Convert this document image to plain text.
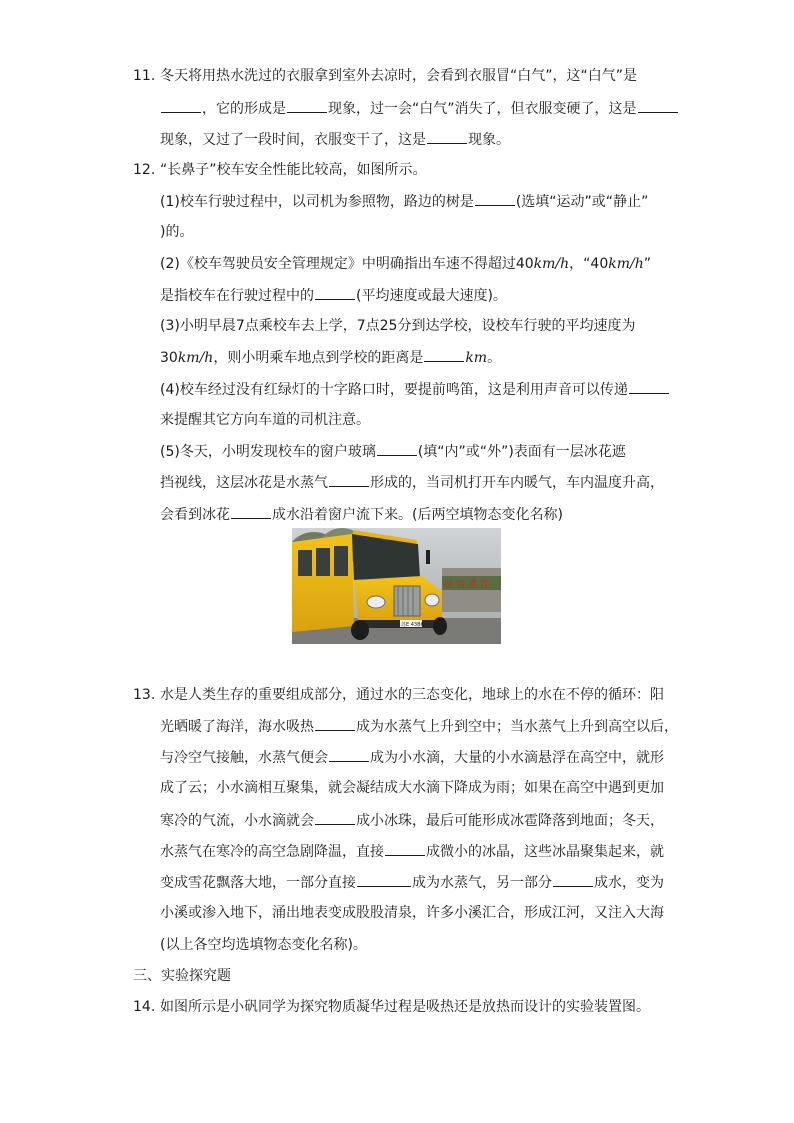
11. 冬天将用热水洗过的衣服拿到室外去凉时，会看到衣服冒“白气”，这“白气”是
，它的形成是	现象，过一会“白气”消失了，但衣服变硬了，这是
现象，又过了一段时间，衣服变干了，这是	现象。
12. “长鼻子”校车安全性能比较高，如图所示。
(1)校车行驶过程中，以司机为参照物，路边的树是	(选填“运动”或“静止”
)的。
(2)《校车驾驶员安全管理规定》中明确指出车速不得超过40km/h，“40km/h”
是指校车在行驶过程中的	(平均速度或最大速度)。
(3)小明早晨7点乘校车去上学，7点25分到达学校，设校车行驶的平均速度为
30km/h，则小明乘车地点到学校的距离是	km。
(4)校车经过没有红绿灯的十字路口时，要提前鸣笛，这是利用声音可以传递
来提醒其它方向车道的司机注意。
(5)冬天，小明发现校车的窗户玻璃	(填“内”或“外”)表面有一层冰花遮
挡视线，这层冰花是水蒸气	形成的，当司机打开车内暖气，车内温度升高，
会看到冰花	成水沿着窗户流下来。(后两空填物态变化名称)
绿 情 意 吉
苏E 43B6
13. 水是人类生存的重要组成部分，通过水的三态变化，地球上的水在不停的循环：阳
光晒暖了海洋，海水吸热	成为水蒸气上升到空中；当水蒸气上升到高空以后，
与冷空气接触，水蒸气便会	成为小水滴，大量的小水滴悬浮在高空中，就形
成了云；小水滴相互聚集，就会凝结成大水滴下降成为雨；如果在高空中遇到更加
寒冷的气流，小水滴就会	成小冰珠，最后可能形成冰雹降落到地面；冬天，
水蒸气在寒冷的高空急剧降温，直接	成微小的冰晶，这些冰晶聚集起来，就
变成雪花飘落大地，一部分直接	成为水蒸气，另一部分	成水，变为
小溪或渗入地下，涌出地表变成股股清泉，许多小溪汇合，形成江河，又注入大海
(以上各空均选填物态变化名称)。
三、实验探究题
14. 如图所示是小矾同学为探究物质凝华过程是吸热还是放热而设计的实验装置图。
